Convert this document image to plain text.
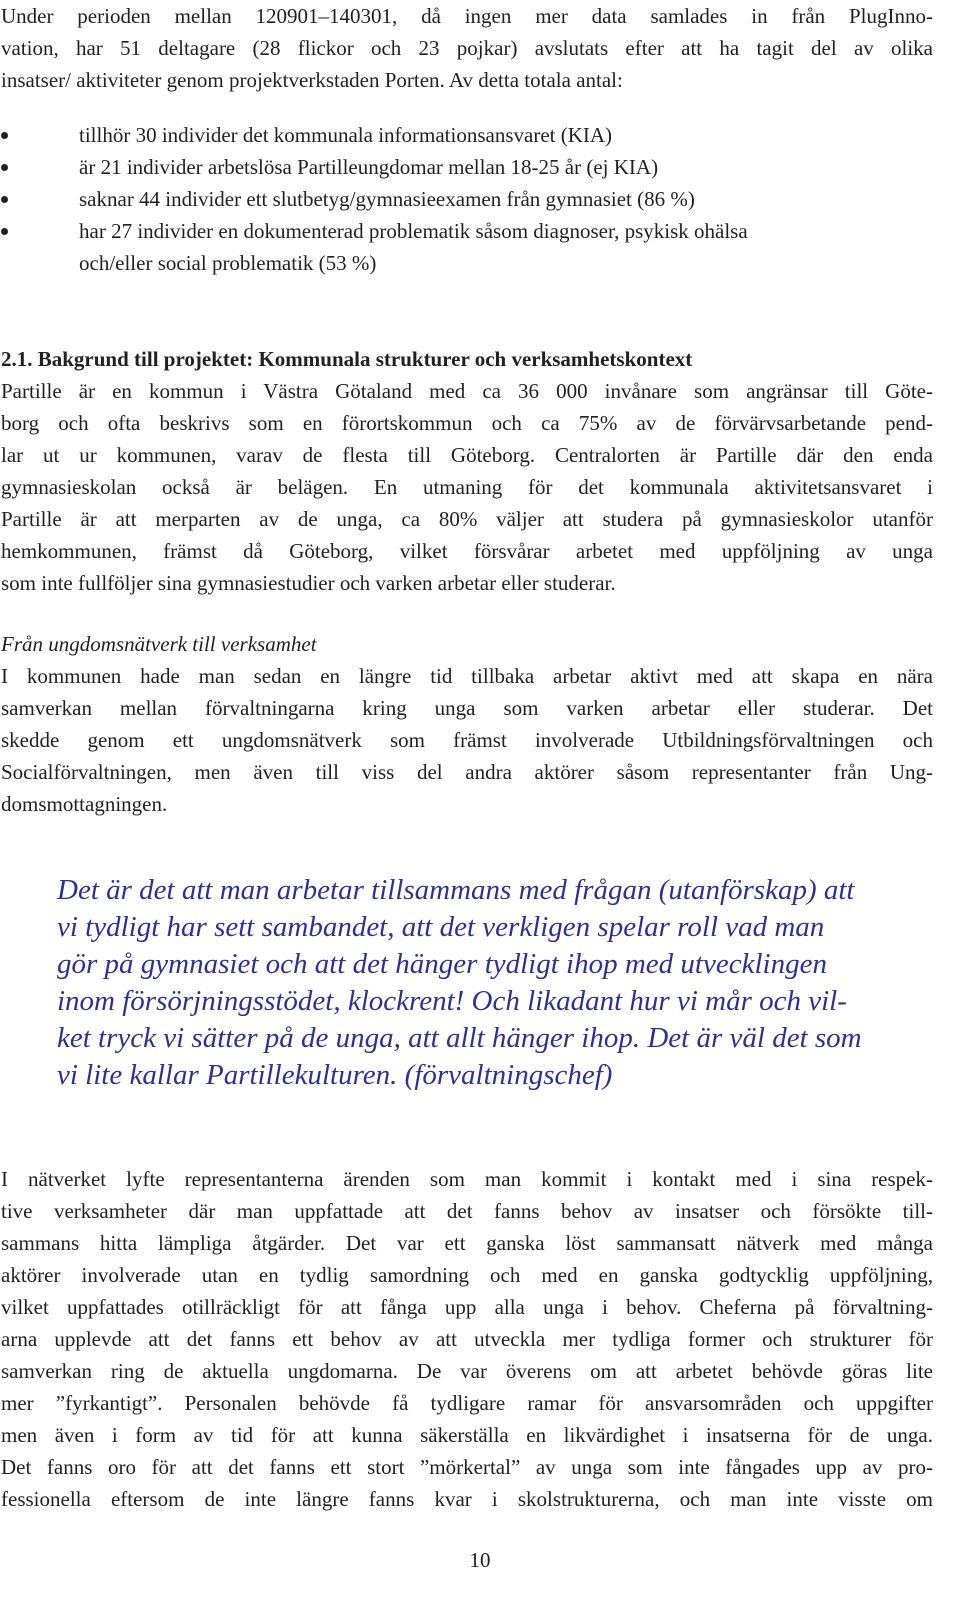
Under perioden mellan 120901–140301, då ingen mer data samlades in från PlugInno-

vation, har 51 deltagare (28 flickor och 23 pojkar) avslutats efter att ha tagit del av olika

insatser/ aktiviteter genom projektverkstaden Porten. Av detta totala antal:

tillhör 30 individer det kommunala informationsansvaret (KIA)
är 21 individer arbetslösa Partilleungdomar mellan 18-25 år (ej KIA)
saknar 44 individer ett slutbetyg/gymnasieexamen från gymnasiet (86 %)
har 27 individer en dokumenterad problematik såsom diagnoser, psykisk ohälsa
och/eller social problematik (53 %)

2.1. Bakgrund till projektet: Kommunala strukturer och verksamhetskontext

Partille är en kommun i Västra Götaland med ca 36 000 invånare som angränsar till Göte-

borg och ofta beskrivs som en förortskommun och ca 75% av de förvärvsarbetande pend-

lar ut ur kommunen, varav de flesta till Göteborg. Centralorten är Partille där den enda

gymnasieskolan också är belägen. En utmaning för det kommunala aktivitetsansvaret i

Partille är att merparten av de unga, ca 80% väljer att studera på gymnasieskolor utanför

hemkommunen, främst då Göteborg, vilket försvårar arbetet med uppföljning av unga

som inte fullföljer sina gymnasiestudier och varken arbetar eller studerar.

Från ungdomsnätverk till verksamhet

I kommunen hade man sedan en längre tid tillbaka arbetar aktivt med att skapa en nära

samverkan mellan förvaltningarna kring unga som varken arbetar eller studerar. Det

skedde genom ett ungdomsnätverk som främst involverade Utbildningsförvaltningen och

Socialförvaltningen, men även till viss del andra aktörer såsom representanter från Ung-

domsmottagningen.

Det är det att man arbetar tillsammans med frågan (utanförskap) att
vi tydligt har sett sambandet, att det verkligen spelar roll vad man
gör på gymnasiet och att det hänger tydligt ihop med utvecklingen
inom försörjningsstödet, klockrent! Och likadant hur vi mår och vil-
ket tryck vi sätter på de unga, att allt hänger ihop. Det är väl det som
vi lite kallar Partillekulturen. (förvaltningschef)

I nätverket lyfte representanterna ärenden som man kommit i kontakt med i sina respek-

tive verksamheter där man uppfattade att det fanns behov av insatser och försökte till-

sammans hitta lämpliga åtgärder. Det var ett ganska löst sammansatt nätverk med många

aktörer involverade utan en tydlig samordning och med en ganska godtycklig uppföljning,

vilket uppfattades otillräckligt för att fånga upp alla unga i behov. Cheferna på förvaltning-

arna upplevde att det fanns ett behov av att utveckla mer tydliga former och strukturer för

samverkan ring de aktuella ungdomarna. De var överens om att arbetet behövde göras lite

mer ”fyrkantigt”. Personalen behövde få tydligare ramar för ansvarsområden och uppgifter

men även i form av tid för att kunna säkerställa en likvärdighet i insatserna för de unga.

Det fanns oro för att det fanns ett stort ”mörkertal” av unga som inte fångades upp av pro-

fessionella eftersom de inte längre fanns kvar i skolstrukturerna, och man inte visste om

10
